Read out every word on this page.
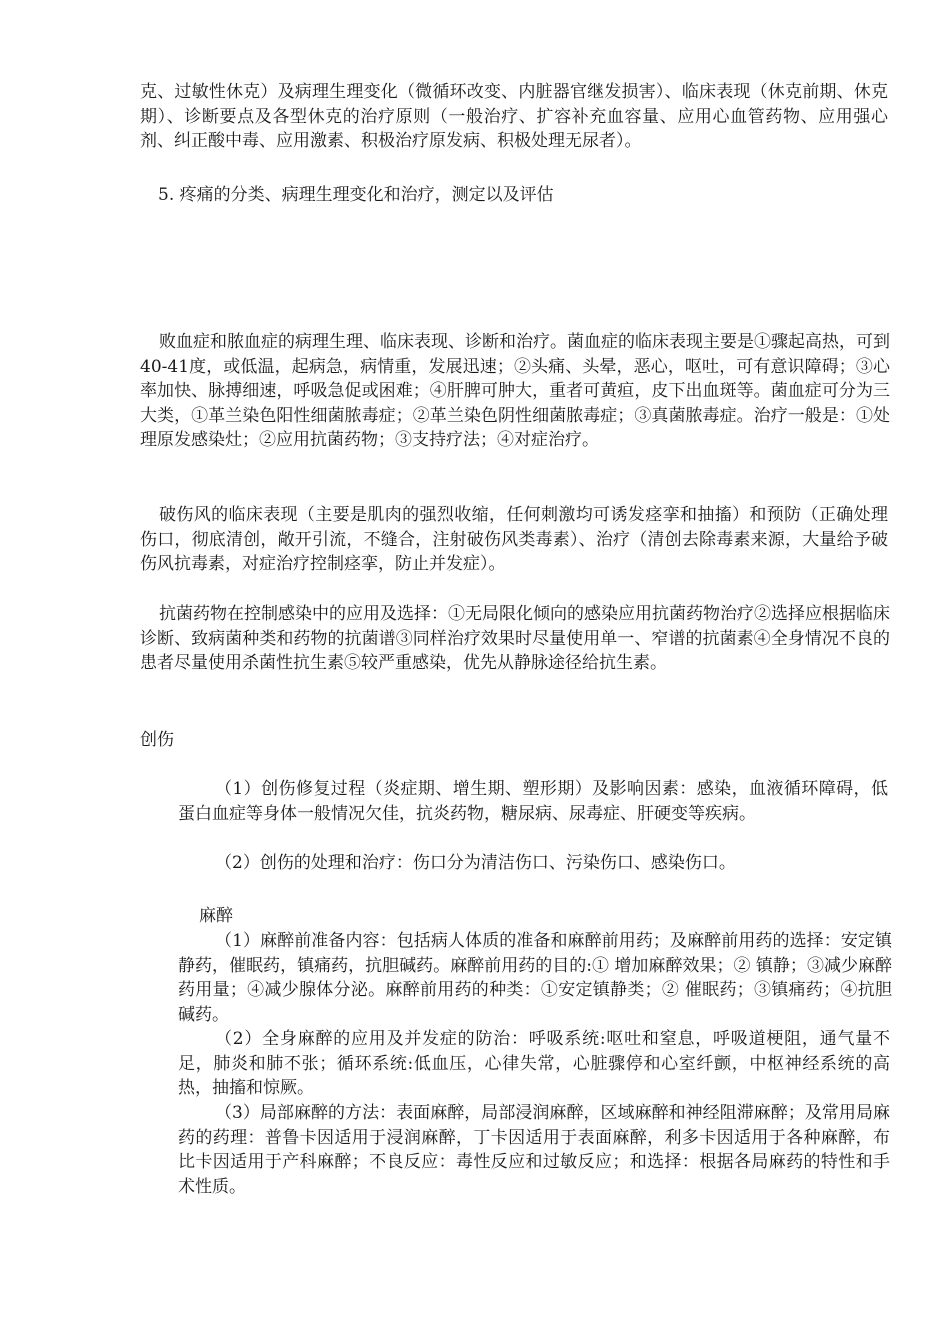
克、过敏性休克）及病理生理变化（微循环改变、内脏器官继发损害）、临床表现（休克前期、休克期）、诊断要点及各型休克的治疗原则（一般治疗、扩容补充血容量、应用心血管药物、应用强心剂、纠正酸中毒、应用激素、积极治疗原发病、积极处理无尿者）。

5. 疼痛的分类、病理生理变化和治疗，测定以及评估

败血症和脓血症的病理生理、临床表现、诊断和治疗。菌血症的临床表现主要是①骤起高热，可到40-41度，或低温，起病急，病情重，发展迅速；②头痛、头晕，恶心，呕吐，可有意识障碍；③心率加快、脉搏细速，呼吸急促或困难；④肝脾可肿大，重者可黄疸，皮下出血斑等。菌血症可分为三大类，①革兰染色阳性细菌脓毒症；②革兰染色阴性细菌脓毒症；③真菌脓毒症。治疗一般是：①处理原发感染灶；②应用抗菌药物；③支持疗法；④对症治疗。

破伤风的临床表现（主要是肌肉的强烈收缩，任何刺激均可诱发痉挛和抽搐）和预防（正确处理伤口，彻底清创，敞开引流，不缝合，注射破伤风类毒素）、治疗（清创去除毒素来源，大量给予破伤风抗毒素，对症治疗控制痉挛，防止并发症）。

抗菌药物在控制感染中的应用及选择：①无局限化倾向的感染应用抗菌药物治疗②选择应根据临床诊断、致病菌种类和药物的抗菌谱③同样治疗效果时尽量使用单一、窄谱的抗菌素④全身情况不良的患者尽量使用杀菌性抗生素⑤较严重感染，优先从静脉途径给抗生素。

创伤

（1）创伤修复过程（炎症期、增生期、塑形期）及影响因素：感染，血液循环障碍，低蛋白血症等身体一般情况欠佳，抗炎药物，糖尿病、尿毒症、肝硬变等疾病。

（2）创伤的处理和治疗：伤口分为清洁伤口、污染伤口、感染伤口。

麻醉

（1）麻醉前准备内容：包括病人体质的准备和麻醉前用药；及麻醉前用药的选择：安定镇静药，催眠药，镇痛药，抗胆碱药。麻醉前用药的目的:① 增加麻醉效果；② 镇静；③减少麻醉药用量；④减少腺体分泌。麻醉前用药的种类：①安定镇静类；② 催眠药；③镇痛药；④抗胆碱药。

（2）全身麻醉的应用及并发症的防治：呼吸系统:呕吐和窒息，呼吸道梗阻，通气量不足，肺炎和肺不张；循环系统:低血压，心律失常，心脏骤停和心室纤颤，中枢神经系统的高热，抽搐和惊厥。

（3）局部麻醉的方法：表面麻醉，局部浸润麻醉，区域麻醉和神经阻滞麻醉；及常用局麻药的药理：普鲁卡因适用于浸润麻醉，丁卡因适用于表面麻醉，利多卡因适用于各种麻醉，布比卡因适用于产科麻醉；不良反应：毒性反应和过敏反应；和选择：根据各局麻药的特性和手术性质。
